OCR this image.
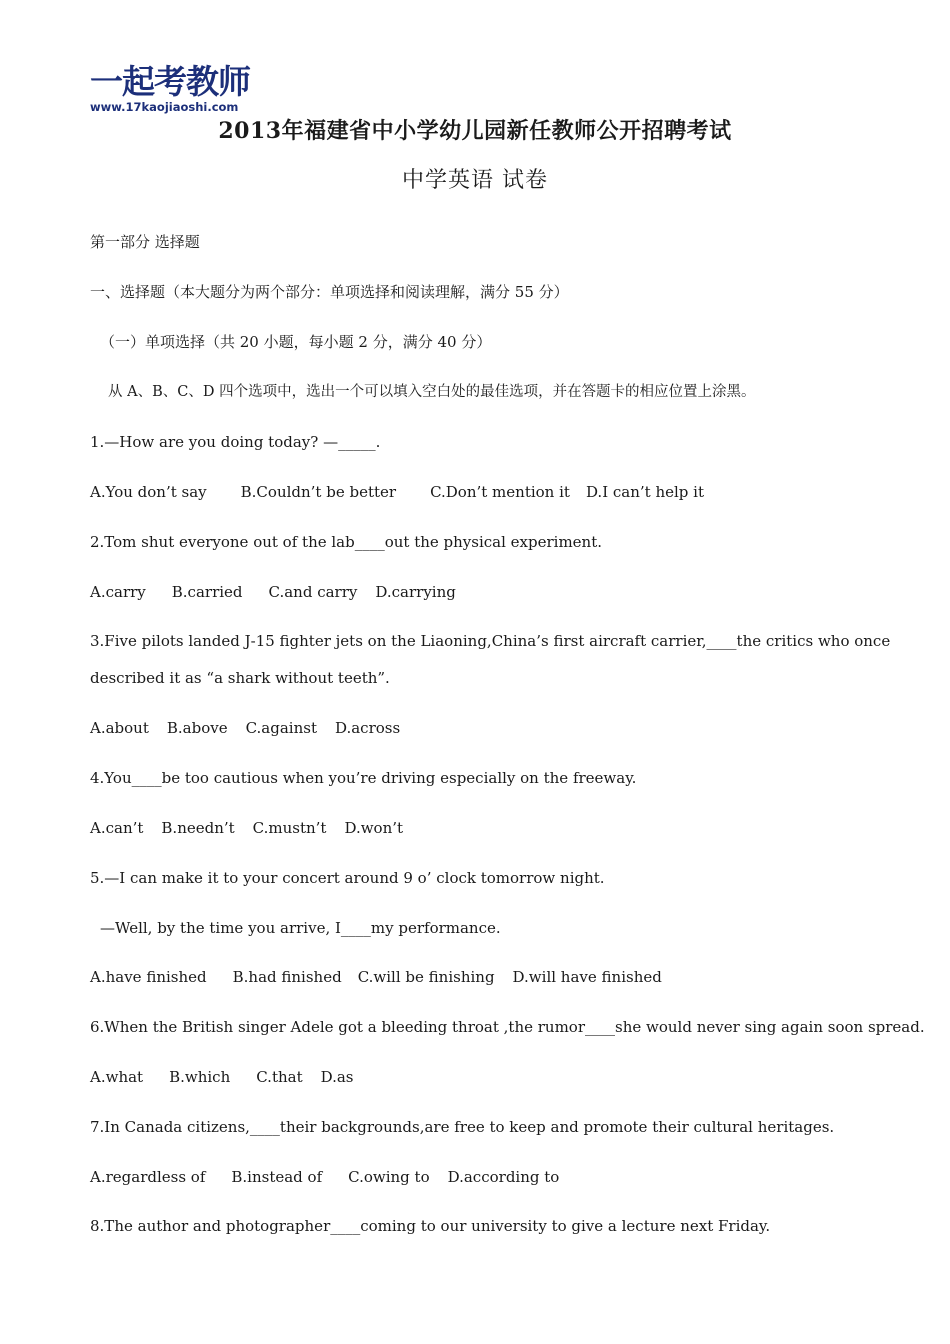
一起考教师
www.17kaojiaoshi.com
2013年福建省中小学幼儿园新任教师公开招聘考试
中学英语 试卷
第一部分 选择题
一、选择题（本大题分为两个部分：单项选择和阅读理解，满分 55 分）
（一）单项选择（共 20 小题，每小题 2 分，满分 40 分）
从 A、B、C、D 四个选项中，选出一个可以填入空白处的最佳选项，并在答题卡的相应位置上涂黑。
1.—How are you doing today? —_____.
A.You don’t say B.Couldn’t be better C.Don’t mention it D.I can’t help it
2.Tom shut everyone out of the lab____out the physical experiment.
A.carry B.carried C.and carry D.carrying
3.Five pilots landed J-15 fighter jets on the Liaoning,China’s first aircraft carrier,____the critics who once
described it as “a shark without teeth”.
A.about B.above C.against D.across
4.You____be too cautious when you’re driving especially on the freeway.
A.can’t B.needn’t C.mustn’t D.won’t
5.—I can make it to your concert around 9 o’ clock tomorrow night.
—Well, by the time you arrive, I____my performance.
A.have finished B.had finished C.will be finishing D.will have finished
6.When the British singer Adele got a bleeding throat ,the rumor____she would never sing again soon spread.
A.what B.which C.that D.as
7.In Canada citizens,____their backgrounds,are free to keep and promote their cultural heritages.
A.regardless of B.instead of C.owing to D.according to
8.The author and photographer____coming to our university to give a lecture next Friday.
